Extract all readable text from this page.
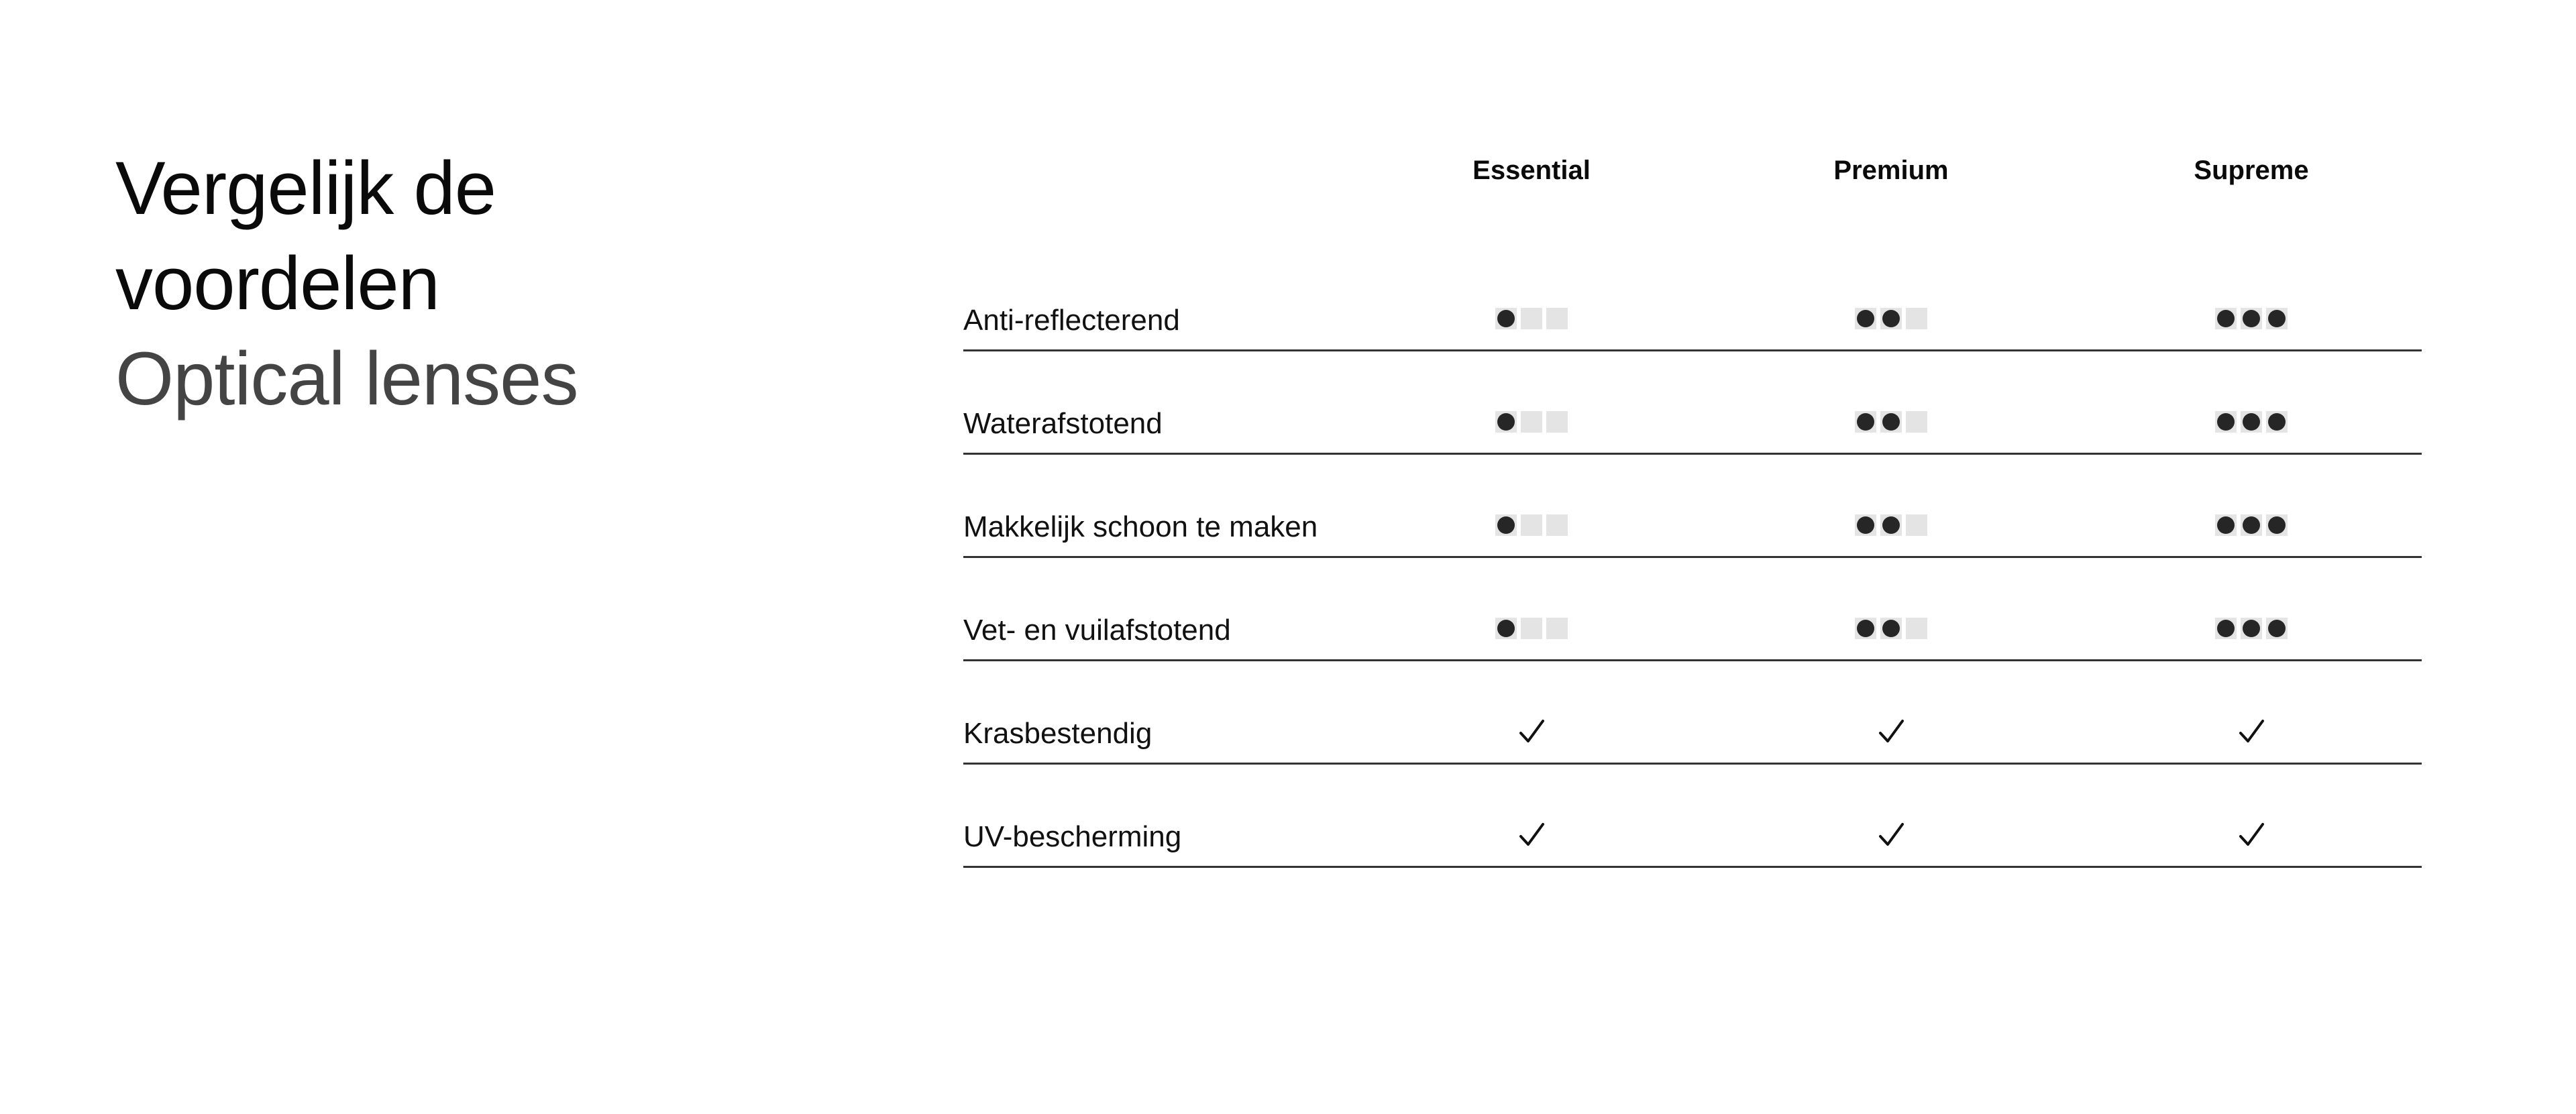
Vergelijk de
voordelen
Optical lenses
Essential	Premium	Supreme
Anti-reflecterend
Waterafstotend
Makkelijk schoon te maken
Vet- en vuilafstotend
Krasbestendig
UV-bescherming
